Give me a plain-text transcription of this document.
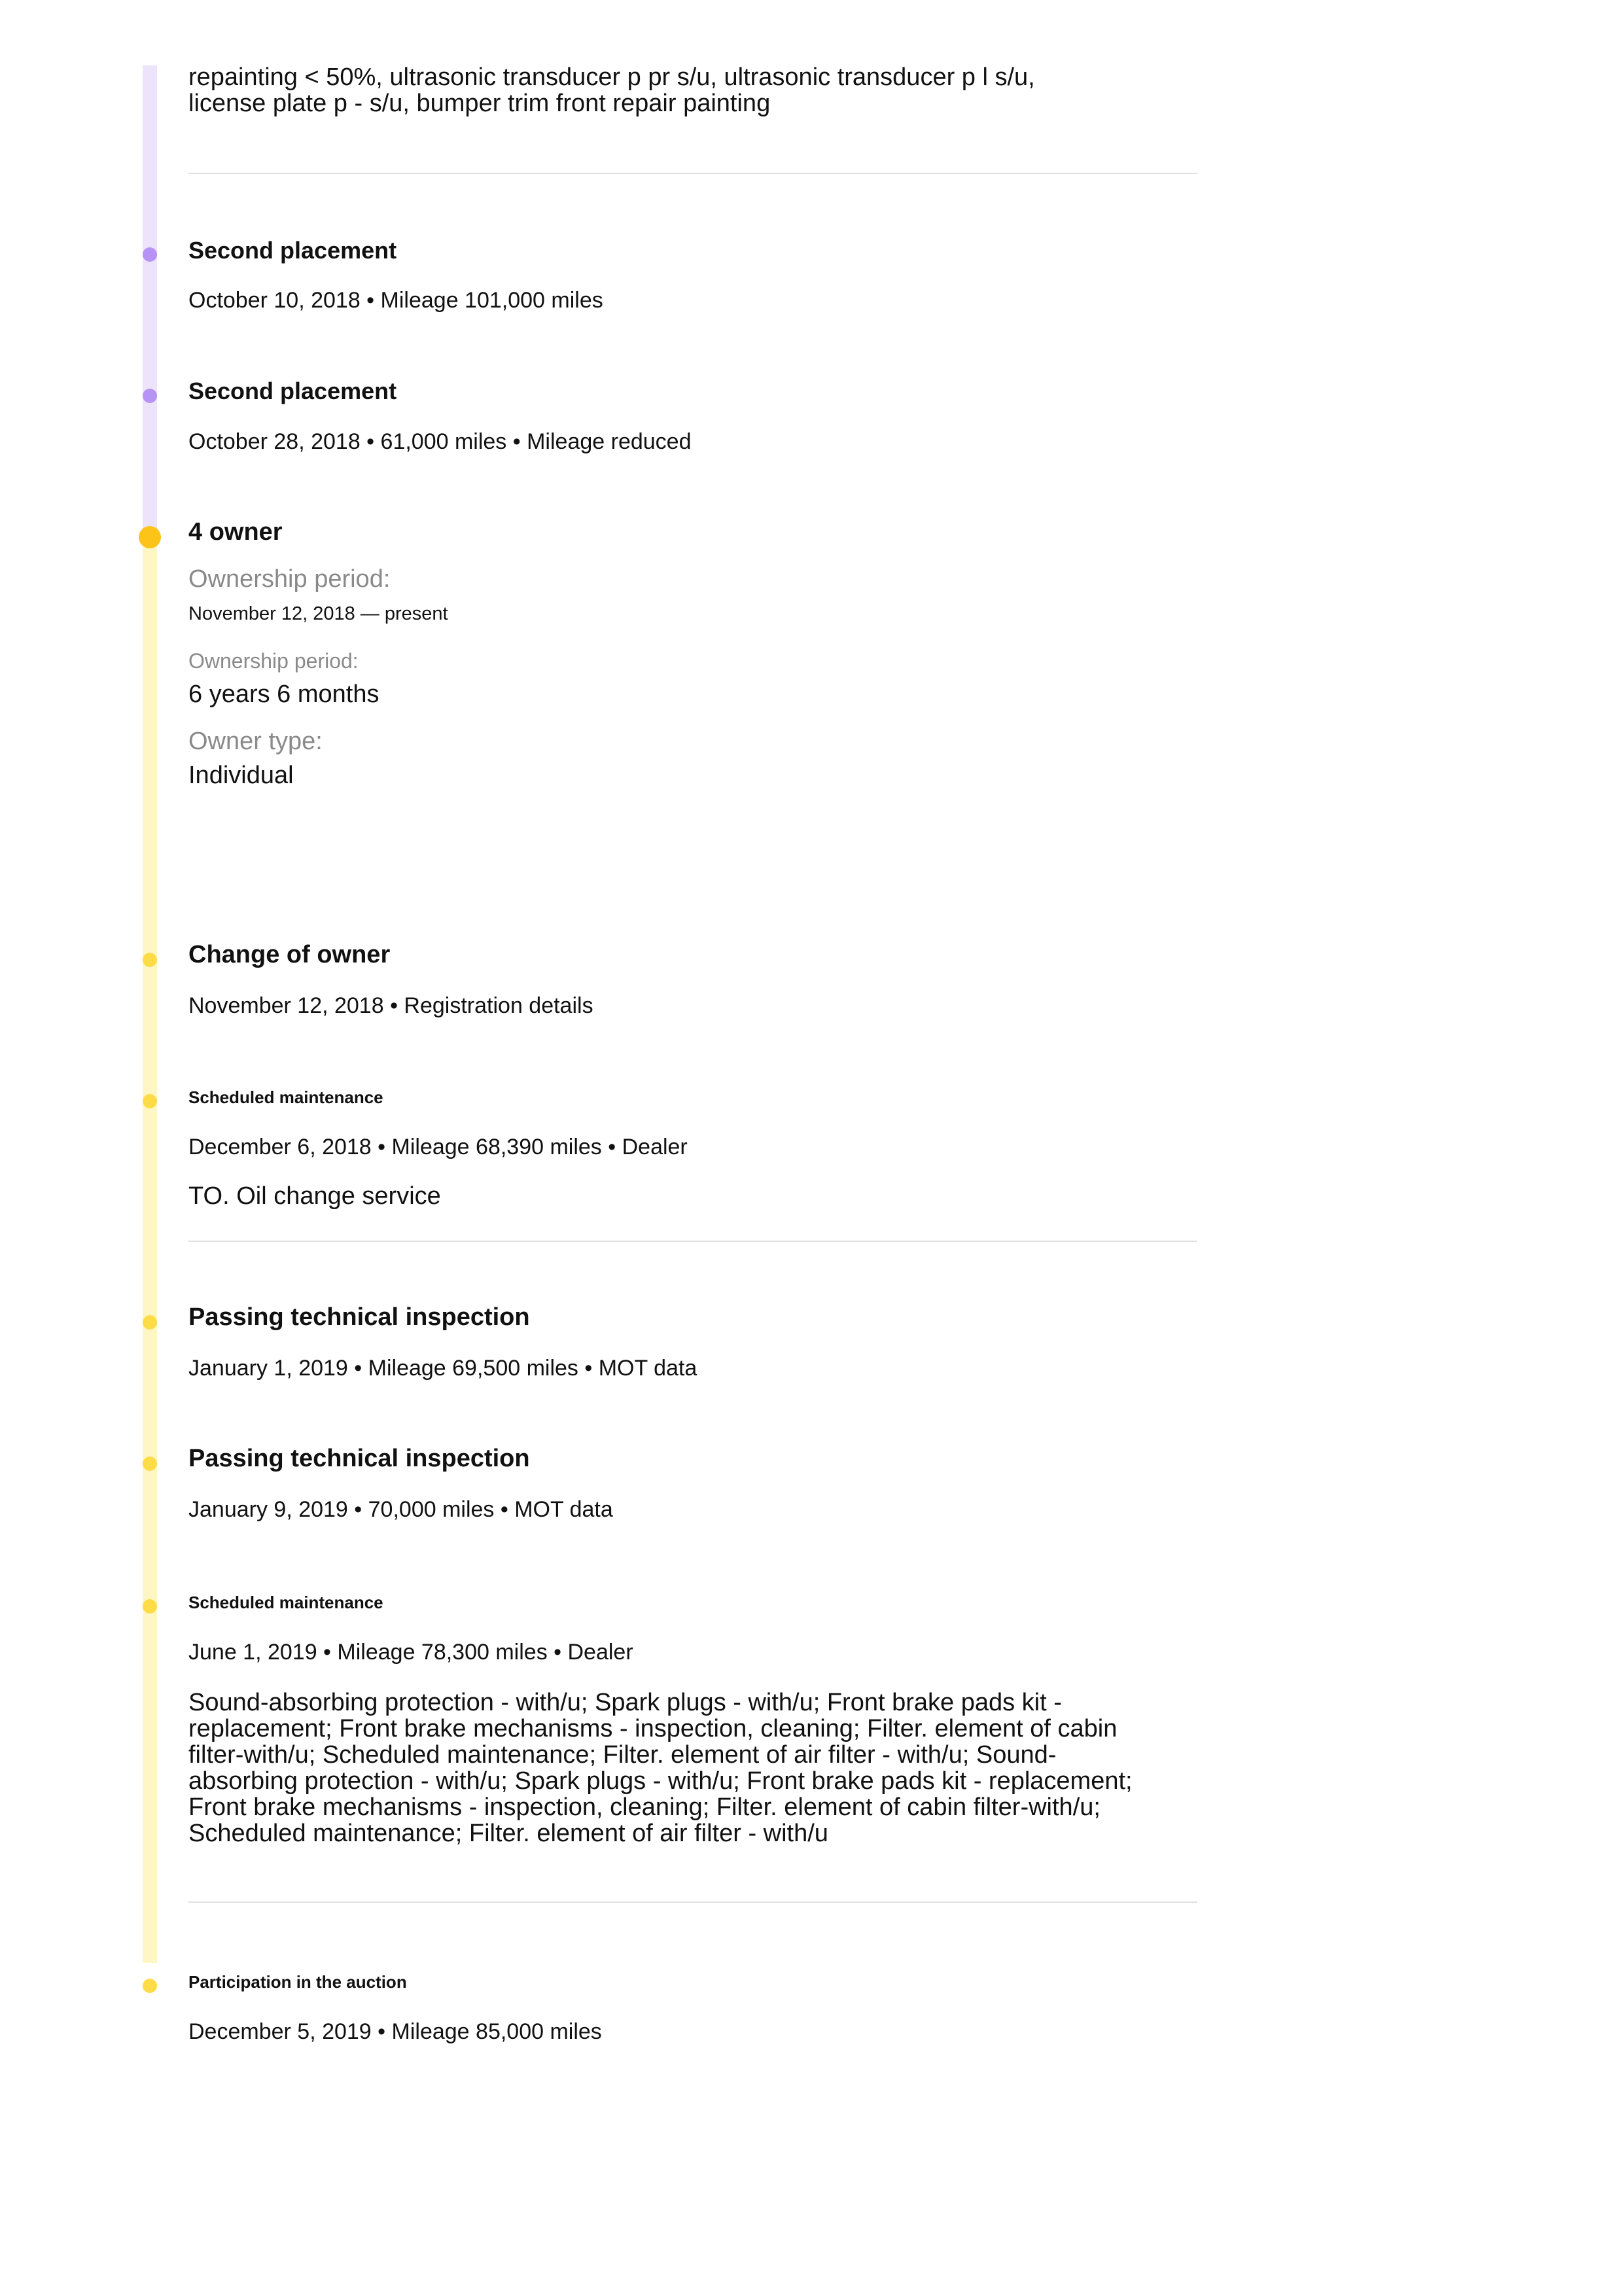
repainting < 50%, ultrasonic transducer p pr s/u, ultrasonic transducer p l s/u,
license plate p - s/u, bumper trim front repair painting
Second placement
October 10, 2018 • Mileage 101,000 miles
Second placement
October 28, 2018 • 61,000 miles • Mileage reduced
4 owner
Ownership period:
November 12, 2018 — present
Ownership period:
6 years 6 months
Owner type:
Individual
Change of owner
November 12, 2018 • Registration details
Scheduled maintenance
December 6, 2018 • Mileage 68,390 miles • Dealer
TO. Oil change service
Passing technical inspection
January 1, 2019 • Mileage 69,500 miles • MOT data
Passing technical inspection
January 9, 2019 • 70,000 miles • MOT data
Scheduled maintenance
June 1, 2019 • Mileage 78,300 miles • Dealer
Sound-absorbing protection - with/u; Spark plugs - with/u; Front brake pads kit -
replacement; Front brake mechanisms - inspection, cleaning; Filter. element of cabin
filter-with/u; Scheduled maintenance; Filter. element of air filter - with/u; Sound-
absorbing protection - with/u; Spark plugs - with/u; Front brake pads kit - replacement;
Front brake mechanisms - inspection, cleaning; Filter. element of cabin filter-with/u;
Scheduled maintenance; Filter. element of air filter - with/u
Participation in the auction
December 5, 2019 • Mileage 85,000 miles
